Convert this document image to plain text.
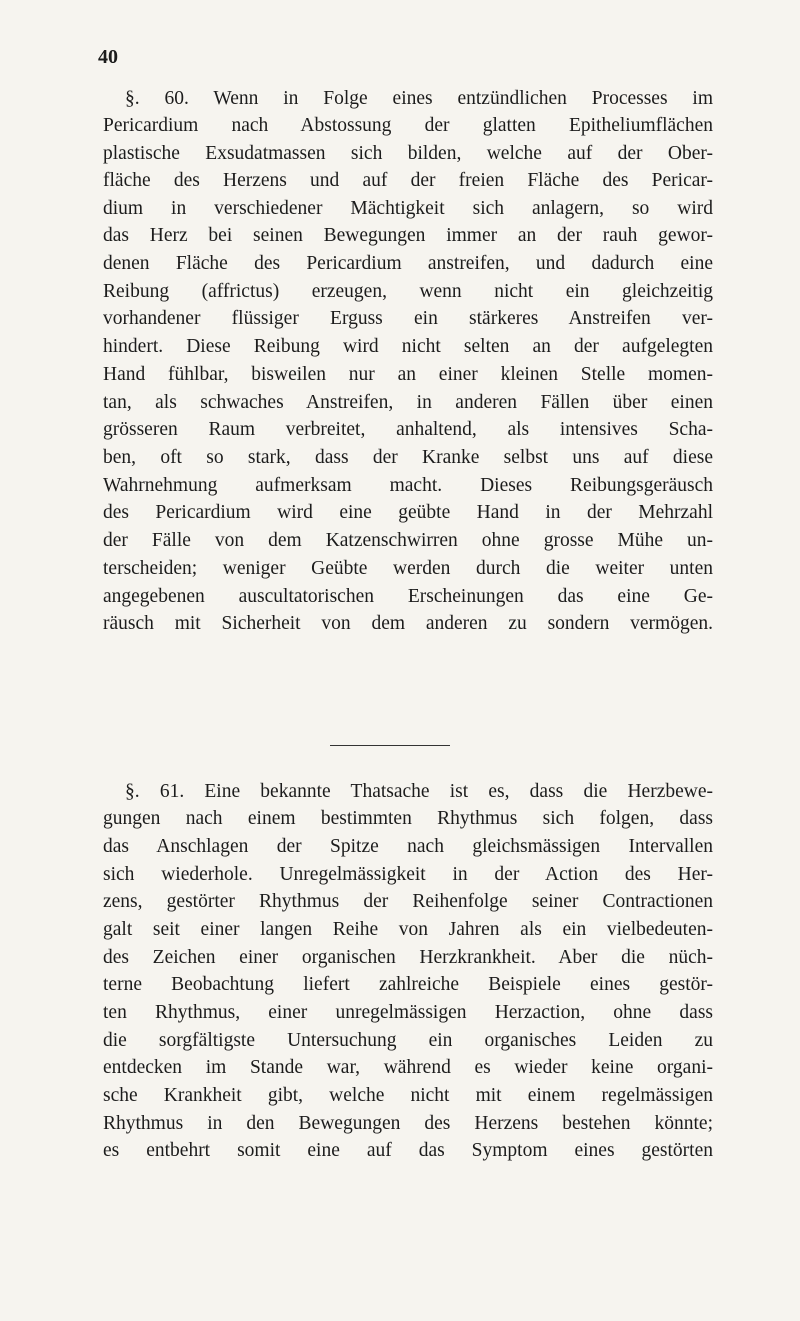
40
§. 60. Wenn in Folge eines entzündlichen Processes im
Pericardium nach Abstossung der glatten Epitheliumflächen
plastische Exsudatmassen sich bilden, welche auf der Ober-
fläche des Herzens und auf der freien Fläche des Pericar-
dium in verschiedener Mächtigkeit sich anlagern, so wird
das Herz bei seinen Bewegungen immer an der rauh gewor-
denen Fläche des Pericardium anstreifen, und dadurch eine
Reibung (affrictus) erzeugen, wenn nicht ein gleichzeitig
vorhandener flüssiger Erguss ein stärkeres Anstreifen ver-
hindert. Diese Reibung wird nicht selten an der aufgelegten
Hand fühlbar, bisweilen nur an einer kleinen Stelle momen-
tan, als schwaches Anstreifen, in anderen Fällen über einen
grösseren Raum verbreitet, anhaltend, als intensives Scha-
ben, oft so stark, dass der Kranke selbst uns auf diese
Wahrnehmung aufmerksam macht. Dieses Reibungsgeräusch
des Pericardium wird eine geübte Hand in der Mehrzahl
der Fälle von dem Katzenschwirren ohne grosse Mühe un-
terscheiden; weniger Geübte werden durch die weiter unten
angegebenen auscultatorischen Erscheinungen das eine Ge-
räusch mit Sicherheit von dem anderen zu sondern vermögen.
§. 61. Eine bekannte Thatsache ist es, dass die Herzbewe-
gungen nach einem bestimmten Rhythmus sich folgen, dass
das Anschlagen der Spitze nach gleichsmässigen Intervallen
sich wiederhole. Unregelmässigkeit in der Action des Her-
zens, gestörter Rhythmus der Reihenfolge seiner Contractionen
galt seit einer langen Reihe von Jahren als ein vielbedeuten-
des Zeichen einer organischen Herzkrankheit. Aber die nüch-
terne Beobachtung liefert zahlreiche Beispiele eines gestör-
ten Rhythmus, einer unregelmässigen Herzaction, ohne dass
die sorgfältigste Untersuchung ein organisches Leiden zu
entdecken im Stande war, während es wieder keine organi-
sche Krankheit gibt, welche nicht mit einem regelmässigen
Rhythmus in den Bewegungen des Herzens bestehen könnte;
es entbehrt somit eine auf das Symptom eines gestörten
